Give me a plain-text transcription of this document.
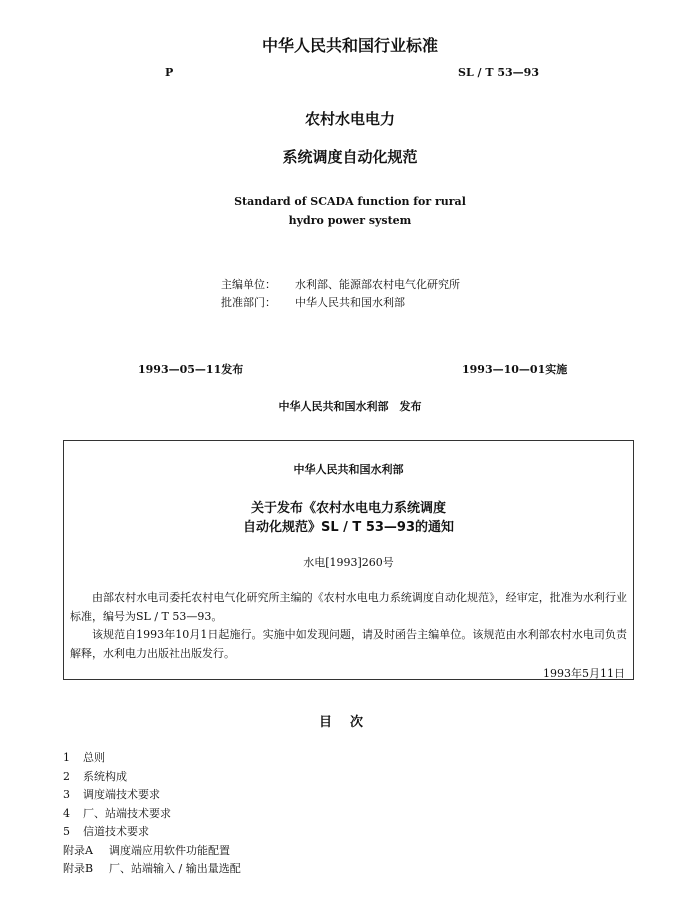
中华人民共和国行业标准
P	SL / T 53—93
农村水电电力
系统调度自动化规范
Standard of SCADA function for rural
hydro power system
主编单位： 水利部、能源部农村电气化研究所
批准部门： 中华人民共和国水利部
1993—05—11发布	1993—10—01实施
中华人民共和国水利部　发布
中华人民共和国水利部
关于发布《农村水电电力系统调度
自动化规范》SL / T 53—93的通知
水电[1993]260号

由部农村水电司委托农村电气化研究所主编的《农村水电电力系统调度自动化规范》，经审定，批准为水利行业标准，编号为SL / T 53—93。

该规范自1993年10月1日起施行。实施中如发现问题，请及时函告主编单位。该规范由水利部农村水电司负责解释，水利电力出版社出版发行。

1993年5月11日
目次
1 总则
2 系统构成
3 调度端技术要求
4 厂、站端技术要求
5 信道技术要求
附录A 调度端应用软件功能配置
附录B 厂、站端输入 / 输出量选配
